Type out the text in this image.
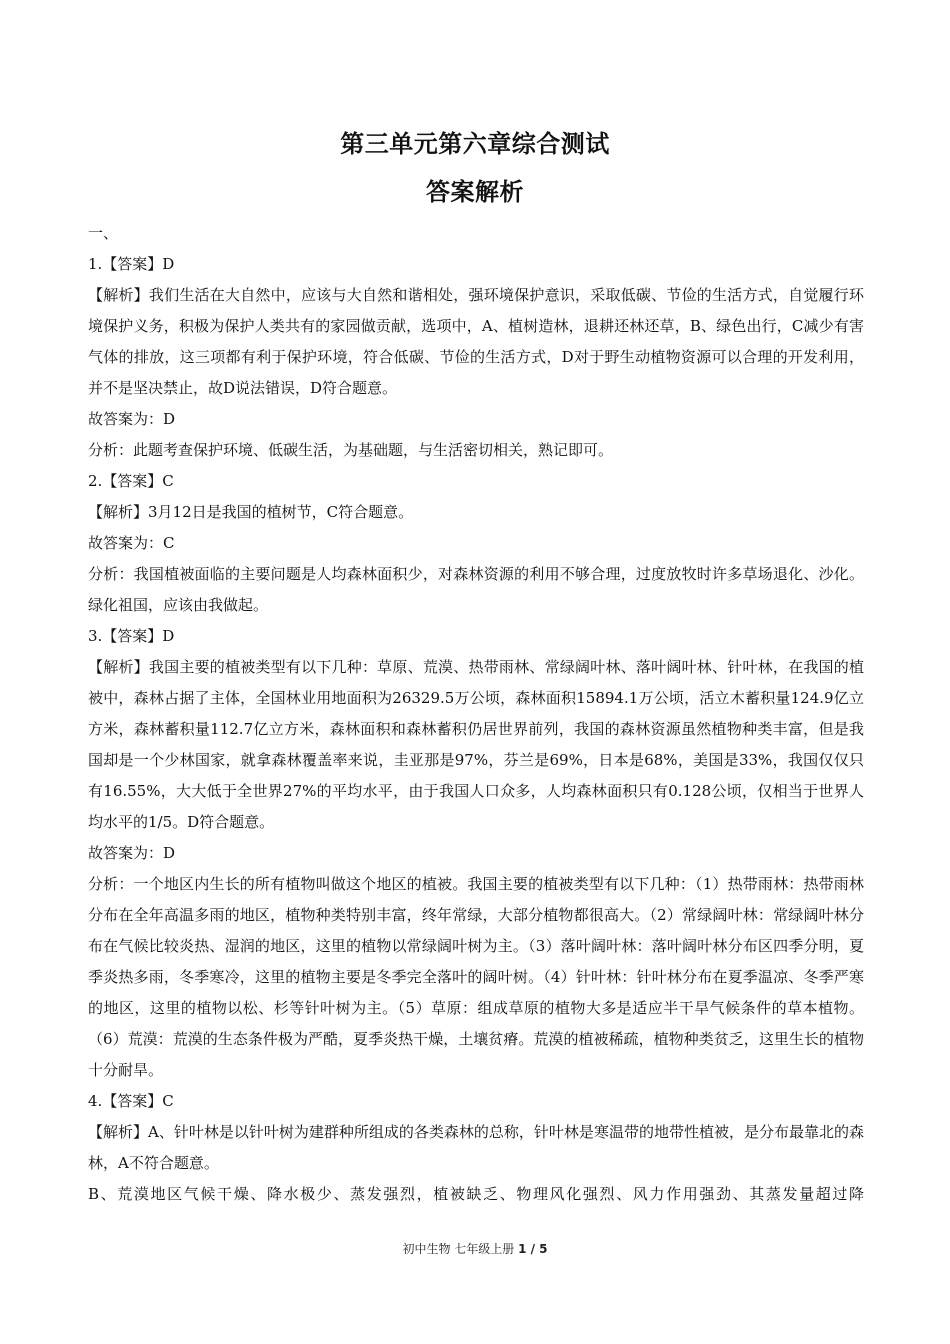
第三单元第六章综合测试
答案解析

一、

1.【答案】D

【解析】我们生活在大自然中，应该与大自然和谐相处，强环境保护意识，采取低碳、节俭的生活方式，自觉履行环境保护义务，积极为保护人类共有的家园做贡献，选项中，A、植树造林，退耕还林还草，B、绿色出行，C减少有害气体的排放，这三项都有利于保护环境，符合低碳、节俭的生活方式，D对于野生动植物资源可以合理的开发利用，并不是坚决禁止，故D说法错误，D符合题意。

故答案为：D

分析：此题考查保护环境、低碳生活，为基础题，与生活密切相关，熟记即可。

2.【答案】C

【解析】3月12日是我国的植树节，C符合题意。

故答案为：C

分析：我国植被面临的主要问题是人均森林面积少，对森林资源的利用不够合理，过度放牧时许多草场退化、沙化。绿化祖国，应该由我做起。

3.【答案】D

【解析】我国主要的植被类型有以下几种：草原、荒漠、热带雨林、常绿阔叶林、落叶阔叶林、针叶林，在我国的植被中，森林占据了主体，全国林业用地面积为26329.5万公顷，森林面积15894.1万公顷，活立木蓄积量124.9亿立方米，森林蓄积量112.7亿立方米，森林面积和森林蓄积仍居世界前列，我国的森林资源虽然植物种类丰富，但是我国却是一个少林国家，就拿森林覆盖率来说，圭亚那是97%，芬兰是69%，日本是68%，美国是33%，我国仅仅只有16.55%，大大低于全世界27%的平均水平，由于我国人口众多，人均森林面积只有0.128公顷，仅相当于世界人均水平的1/5。D符合题意。

故答案为：D

分析：一个地区内生长的所有植物叫做这个地区的植被。我国主要的植被类型有以下几种：（1）热带雨林：热带雨林分布在全年高温多雨的地区，植物种类特别丰富，终年常绿，大部分植物都很高大。（2）常绿阔叶林：常绿阔叶林分布在气候比较炎热、湿润的地区，这里的植物以常绿阔叶树为主。（3）落叶阔叶林：落叶阔叶林分布区四季分明，夏季炎热多雨，冬季寒冷，这里的植物主要是冬季完全落叶的阔叶树。（4）针叶林：针叶林分布在夏季温凉、冬季严寒的地区，这里的植物以松、杉等针叶树为主。（5）草原：组成草原的植物大多是适应半干旱气候条件的草本植物。（6）荒漠：荒漠的生态条件极为严酷，夏季炎热干燥，土壤贫瘠。荒漠的植被稀疏，植物种类贫乏，这里生长的植物十分耐旱。

4.【答案】C

【解析】A、针叶林是以针叶树为建群种所组成的各类森林的总称，针叶林是寒温带的地带性植被，是分布最靠北的森林，A不符合题意。

B、荒漠地区气候干燥、降水极少、蒸发强烈，植被缺乏、物理风化强烈、风力作用强劲、其蒸发量超过降

初中生物 七年级上册 1 / 5
